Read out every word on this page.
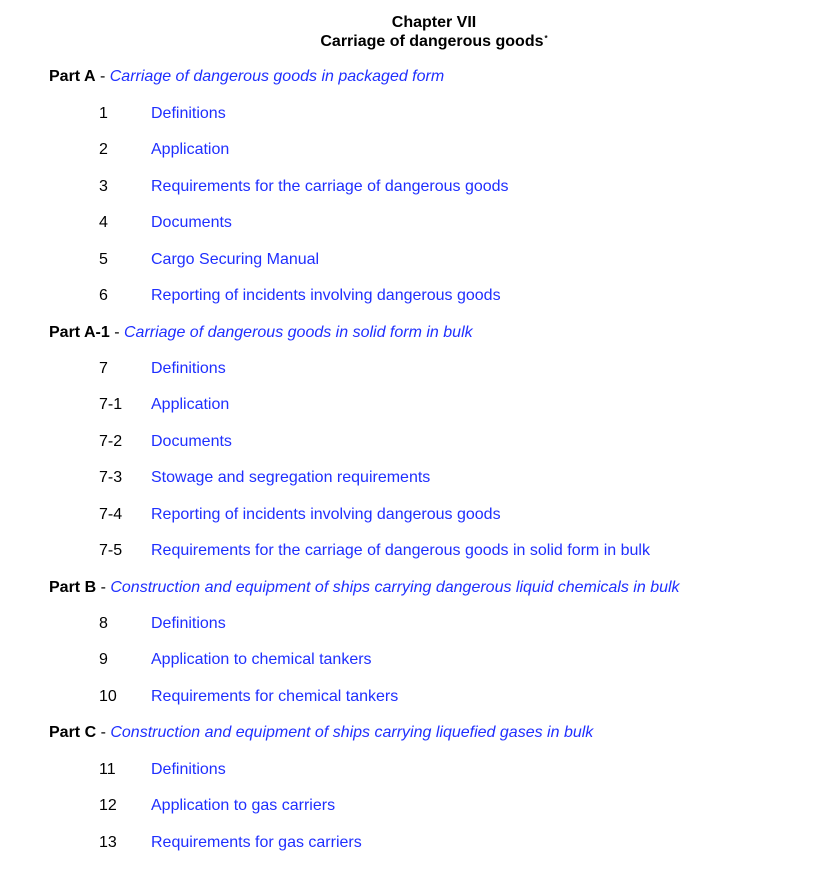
Chapter VII
Carriage of dangerous goods*
Part A - Carriage of dangerous goods in packaged form
1	Definitions
2	Application
3	Requirements for the carriage of dangerous goods
4	Documents
5	Cargo Securing Manual
6	Reporting of incidents involving dangerous goods
Part A-1 - Carriage of dangerous goods in solid form in bulk
7	Definitions
7-1 Application
7-2 Documents
7-3 Stowage and segregation requirements
7-4 Reporting of incidents involving dangerous goods
7-5 Requirements for the carriage of dangerous goods in solid form in bulk
Part B - Construction and equipment of ships carrying dangerous liquid chemicals in bulk
8	Definitions
9	Application to chemical tankers
10 Requirements for chemical tankers
Part C - Construction and equipment of ships carrying liquefied gases in bulk
11 Definitions
12 Application to gas carriers
13 Requirements for gas carriers
